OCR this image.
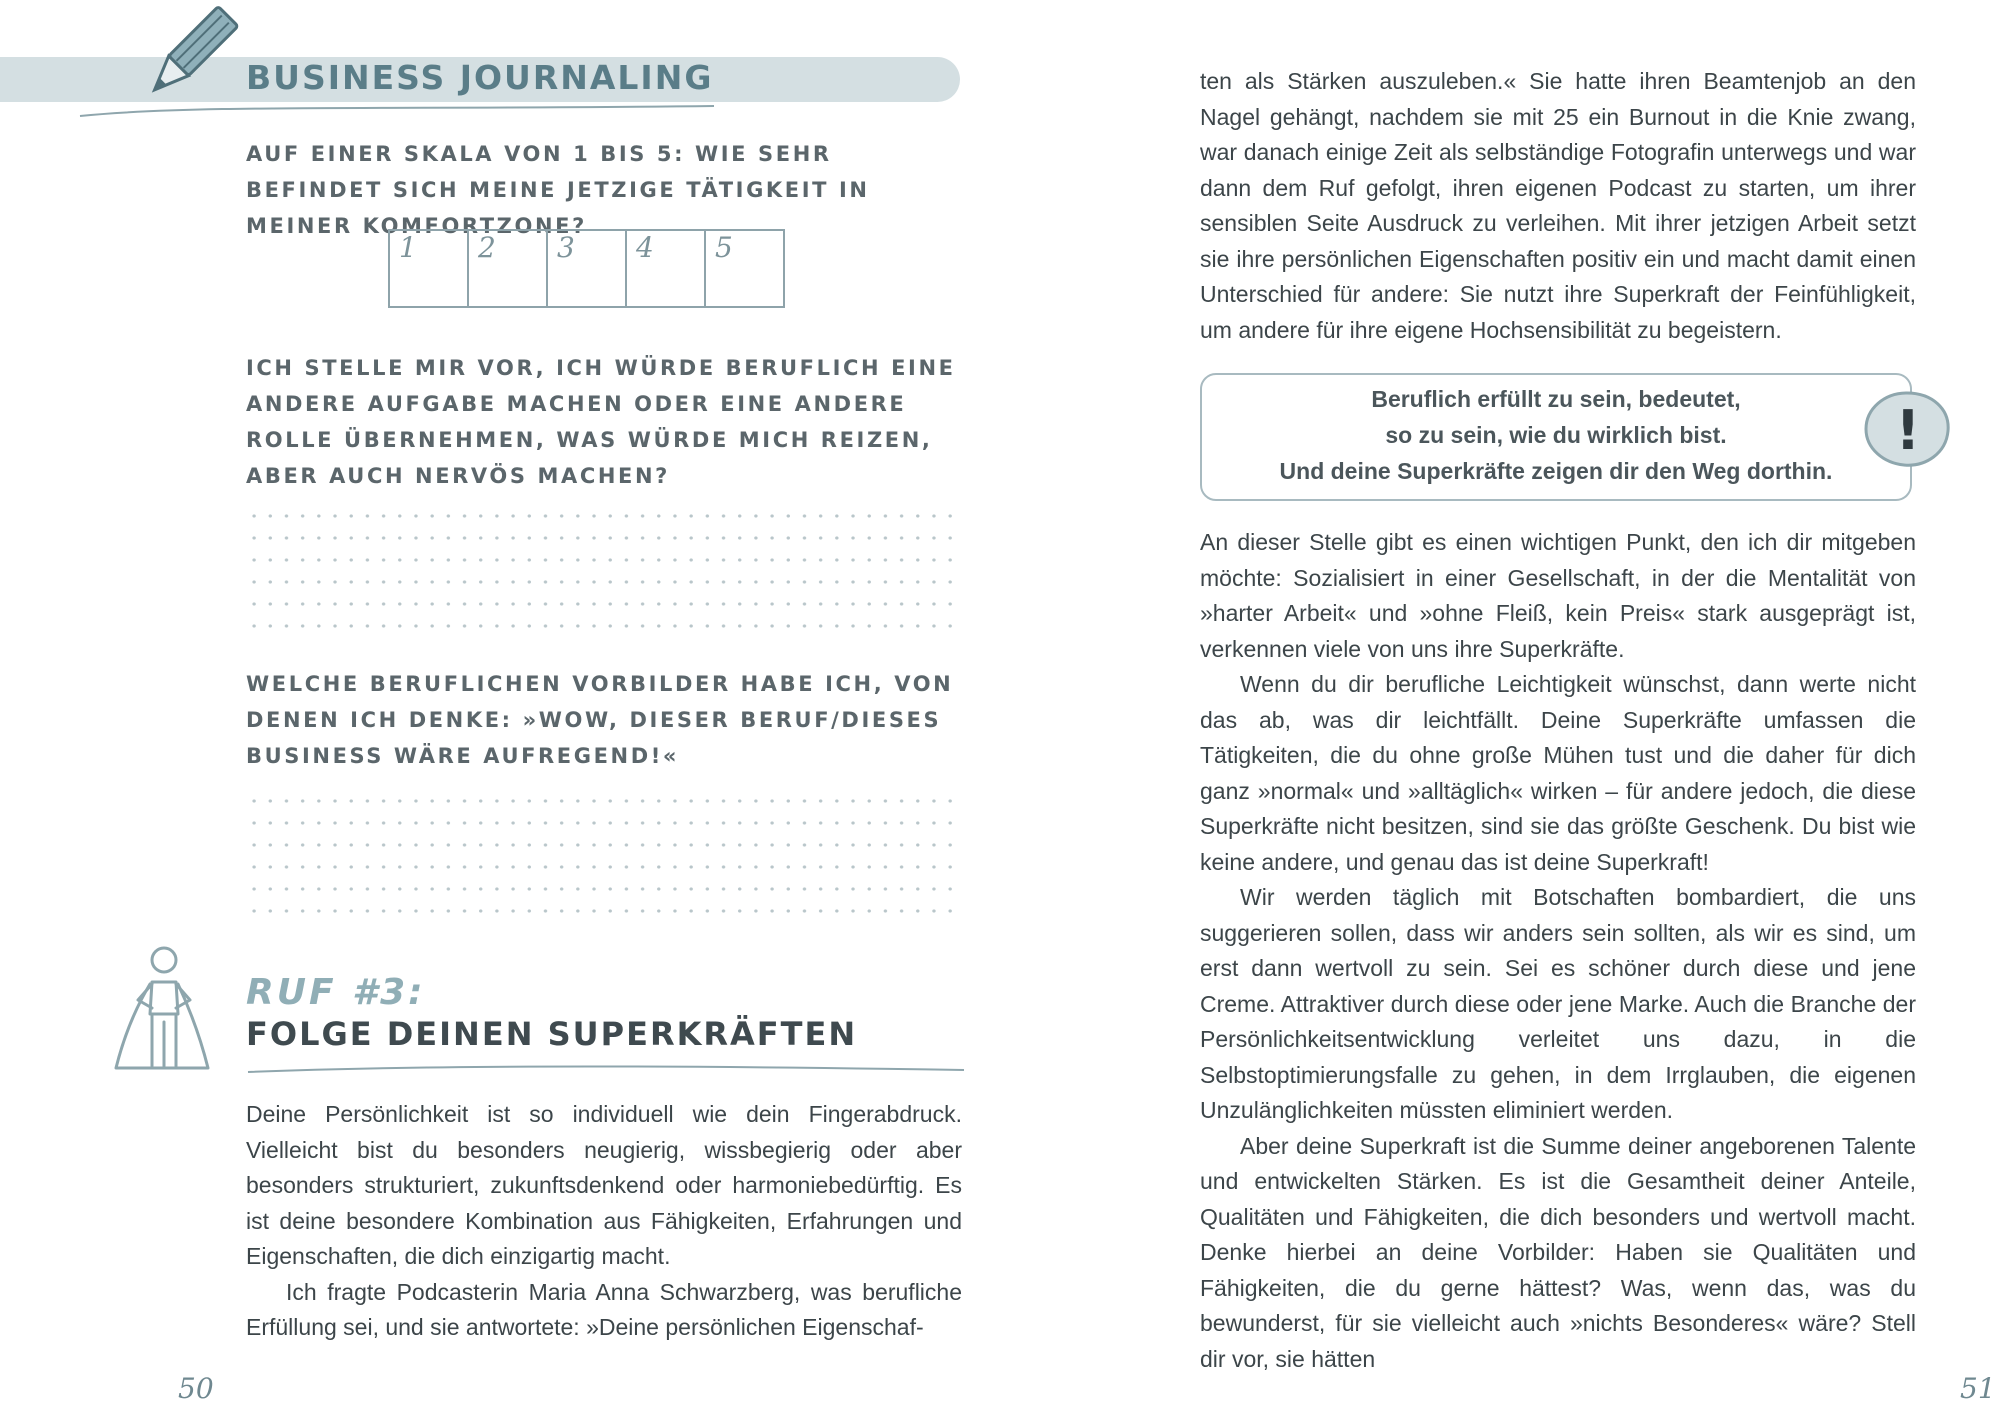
BUSINESS JOURNALING
AUF EINER SKALA VON 1 BIS 5: WIE SEHR BEFINDET SICH MEINE JETZIGE TÄTIGKEIT IN MEINER KOMFORTZONE?
1 2 3 4 5
ICH STELLE MIR VOR, ICH WÜRDE BERUFLICH EINE ANDERE AUFGABE MACHEN ODER EINE ANDERE ROLLE ÜBERNEHMEN, WAS WÜRDE MICH REIZEN, ABER AUCH NERVÖS MACHEN?
WELCHE BERUFLICHEN VORBILDER HABE ICH, VON DENEN ICH DENKE: »WOW, DIESER BERUF/DIESES BUSINESS WÄRE AUFREGEND!«
RUF #3:
FOLGE DEINEN SUPERKRÄFTEN

Deine Persönlichkeit ist so individuell wie dein Fingerabdruck. Vielleicht bist du besonders neugierig, wissbegierig oder aber besonders strukturiert, zukunftsdenkend oder harmoniebedürftig. Es ist deine besondere Kombination aus Fähigkeiten, Erfahrungen und Eigenschaften, die dich einzigartig macht.

Ich fragte Podcasterin Maria Anna Schwarzberg, was berufliche Erfüllung sei, und sie antwortete: »Deine persönlichen Eigenschaf-

50

ten als Stärken auszuleben.« Sie hatte ihren Beamtenjob an den Nagel gehängt, nachdem sie mit 25 ein Burnout in die Knie zwang, war danach einige Zeit als selbständige Fotografin unterwegs und war dann dem Ruf gefolgt, ihren eigenen Podcast zu starten, um ihrer sensiblen Seite Ausdruck zu verleihen. Mit ihrer jetzigen Arbeit setzt sie ihre persönlichen Eigenschaften positiv ein und macht damit einen Unterschied für andere: Sie nutzt ihre Superkraft der Feinfühligkeit, um andere für ihre eigene Hochsensibilität zu begeistern.

Beruflich erfüllt zu sein, bedeutet,
so zu sein, wie du wirklich bist.
Und deine Superkräfte zeigen dir den Weg dorthin.
!

An dieser Stelle gibt es einen wichtigen Punkt, den ich dir mitgeben möchte: Sozialisiert in einer Gesellschaft, in der die Mentalität von »harter Arbeit« und »ohne Fleiß, kein Preis« stark ausgeprägt ist, verkennen viele von uns ihre Superkräfte.

Wenn du dir berufliche Leichtigkeit wünschst, dann werte nicht das ab, was dir leichtfällt. Deine Superkräfte umfassen die Tätigkeiten, die du ohne große Mühen tust und die daher für dich ganz »normal« und »alltäglich« wirken – für andere jedoch, die diese Superkräfte nicht besitzen, sind sie das größte Geschenk. Du bist wie keine andere, und genau das ist deine Superkraft!

Wir werden täglich mit Botschaften bombardiert, die uns suggerieren sollen, dass wir anders sein sollten, als wir es sind, um erst dann wertvoll zu sein. Sei es schöner durch diese und jene Creme. Attraktiver durch diese oder jene Marke. Auch die Branche der Persönlichkeitsentwicklung verleitet uns dazu, in die Selbstoptimierungsfalle zu gehen, in dem Irrglauben, die eigenen Unzulänglichkeiten müssten eliminiert werden.

Aber deine Superkraft ist die Summe deiner angeborenen Talente und entwickelten Stärken. Es ist die Gesamtheit deiner Anteile, Qualitäten und Fähigkeiten, die dich besonders und wertvoll macht. Denke hierbei an deine Vorbilder: Haben sie Qualitäten und Fähigkeiten, die du gerne hättest? Was, wenn das, was du bewunderst, für sie vielleicht auch »nichts Besonderes« wäre? Stell dir vor, sie hätten

51
